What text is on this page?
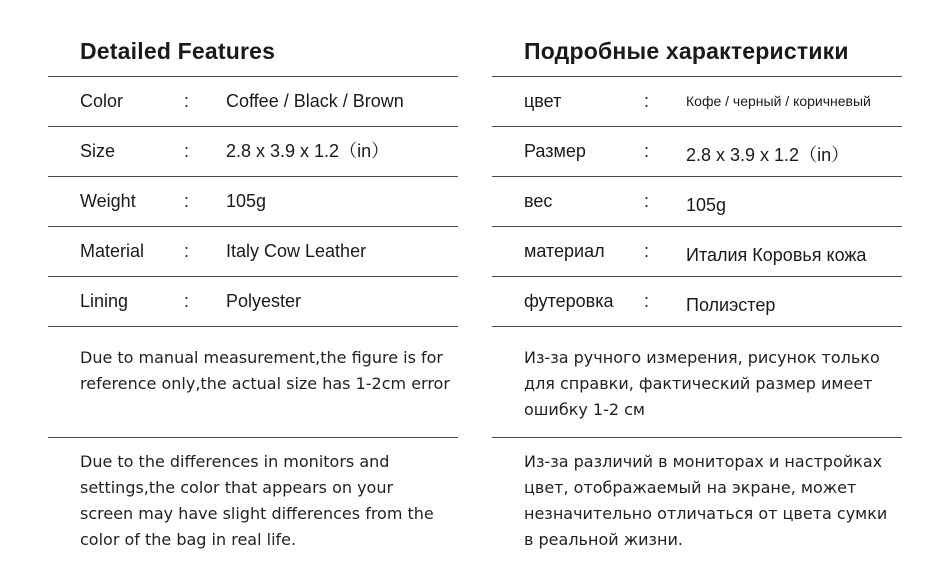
Detailed Features
Color	: Coffee / Black / Brown
Size	: 2.8 x 3.9 x 1.2（in）
Weight	: 105g
Material : Italy Cow Leather
Lining	: Polyester
Due to manual measurement,the figure is for reference only,the actual size has 1-2cm error
Due to the differences in monitors and settings,the color that appears on your screen may have slight differences from the color of the bag in real life.
Подробные характеристики
цвет	:	Кофе / черный / коричневый
Размер	: 2.8 x 3.9 x 1.2（in）
вес	: 105g
материал : Италия Коровья кожа
футеровка : Полиэстер
Из-за ручного измерения, рисунок только для справки, фактический размер имеет ошибку 1-2 см
Из-за различий в мониторах и настройках цвет, отображаемый на экране, может незначительно отличаться от цвета сумки в реальной жизни.
